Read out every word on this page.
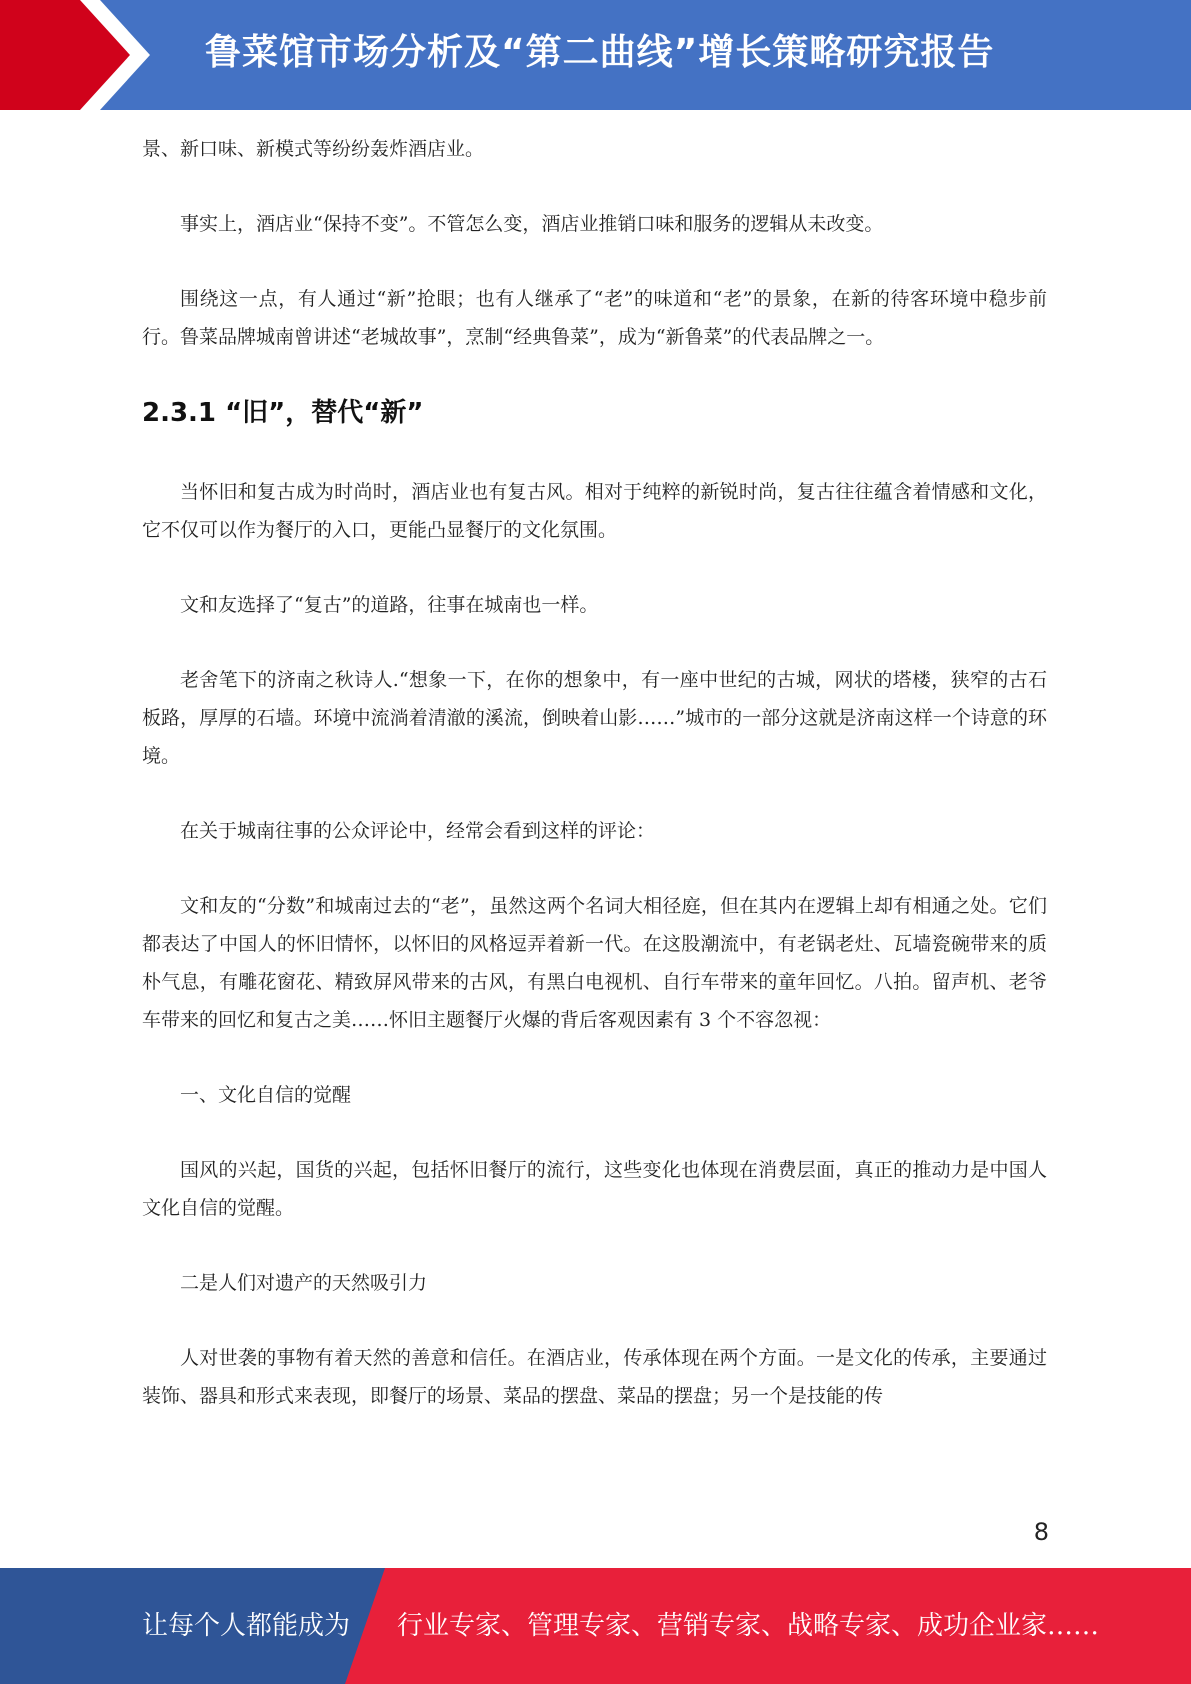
鲁菜馆市场分析及“第二曲线”增长策略研究报告

景、新口味、新模式等纷纷轰炸酒店业。

事实上，酒店业“保持不变”。不管怎么变，酒店业推销口味和服务的逻辑从未改变。

围绕这一点，有人通过“新”抢眼；也有人继承了“老”的味道和“老”的景象，在新的待客环境中稳步前行。鲁菜品牌城南曾讲述“老城故事”，烹制“经典鲁菜”，成为“新鲁菜”的代表品牌之一。

2.3.1 “旧”，替代“新”

当怀旧和复古成为时尚时，酒店业也有复古风。相对于纯粹的新锐时尚，复古往往蕴含着情感和文化，它不仅可以作为餐厅的入口，更能凸显餐厅的文化氛围。

文和友选择了“复古”的道路，往事在城南也一样。

老舍笔下的济南之秋诗人.“想象一下，在你的想象中，有一座中世纪的古城，网状的塔楼，狭窄的古石板路，厚厚的石墙。环境中流淌着清澈的溪流，倒映着山影……”城市的一部分这就是济南这样一个诗意的环境。

在关于城南往事的公众评论中，经常会看到这样的评论：

文和友的“分数”和城南过去的“老”，虽然这两个名词大相径庭，但在其内在逻辑上却有相通之处。它们都表达了中国人的怀旧情怀，以怀旧的风格逗弄着新一代。在这股潮流中，有老锅老灶、瓦墙瓷碗带来的质朴气息，有雕花窗花、精致屏风带来的古风，有黑白电视机、自行车带来的童年回忆。八拍。留声机、老爷车带来的回忆和复古之美……怀旧主题餐厅火爆的背后客观因素有 3 个不容忽视：

一、文化自信的觉醒

国风的兴起，国货的兴起，包括怀旧餐厅的流行，这些变化也体现在消费层面，真正的推动力是中国人文化自信的觉醒。

二是人们对遗产的天然吸引力

人对世袭的事物有着天然的善意和信任。在酒店业，传承体现在两个方面。一是文化的传承，主要通过装饰、器具和形式来表现，即餐厅的场景、菜品的摆盘、菜品的摆盘；另一个是技能的传

8
让每个人都能成为 行业专家、管理专家、营销专家、战略专家、成功企业家……
